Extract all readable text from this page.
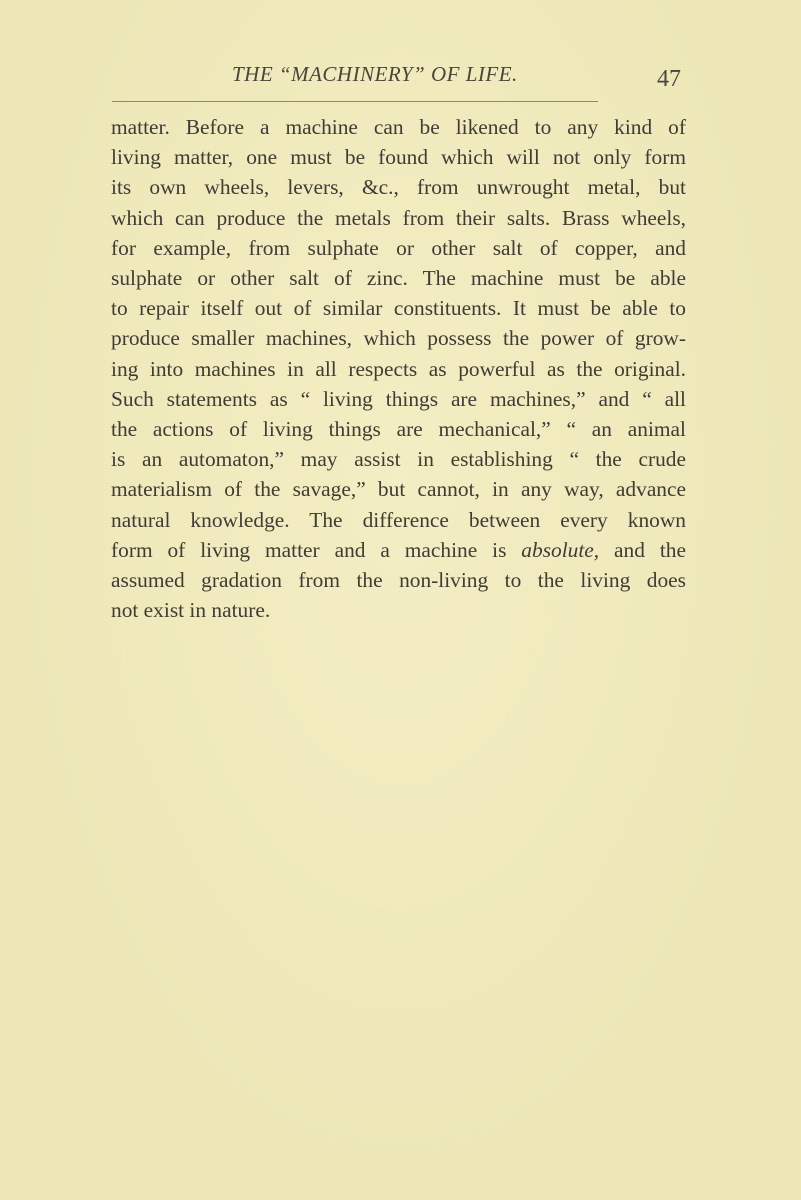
THE “MACHINERY” OF LIFE.	47
matter. Before a machine can be likened to any kind of
living matter, one must be found which will not only form
its own wheels, levers, &c., from unwrought metal, but
which can produce the metals from their salts. Brass wheels,
for example, from sulphate or other salt of copper, and
sulphate or other salt of zinc. The machine must be able
to repair itself out of similar constituents. It must be able to
produce smaller machines, which possess the power of grow-
ing into machines in all respects as powerful as the original.
Such statements as “ living things are machines,” and “ all
the actions of living things are mechanical,” “ an animal
is an automaton,” may assist in establishing “ the crude
materialism of the savage,” but cannot, in any way, advance
natural knowledge. The difference between every known
form of living matter and a machine is absolute, and the
assumed gradation from the non-living to the living does
not exist in nature.
